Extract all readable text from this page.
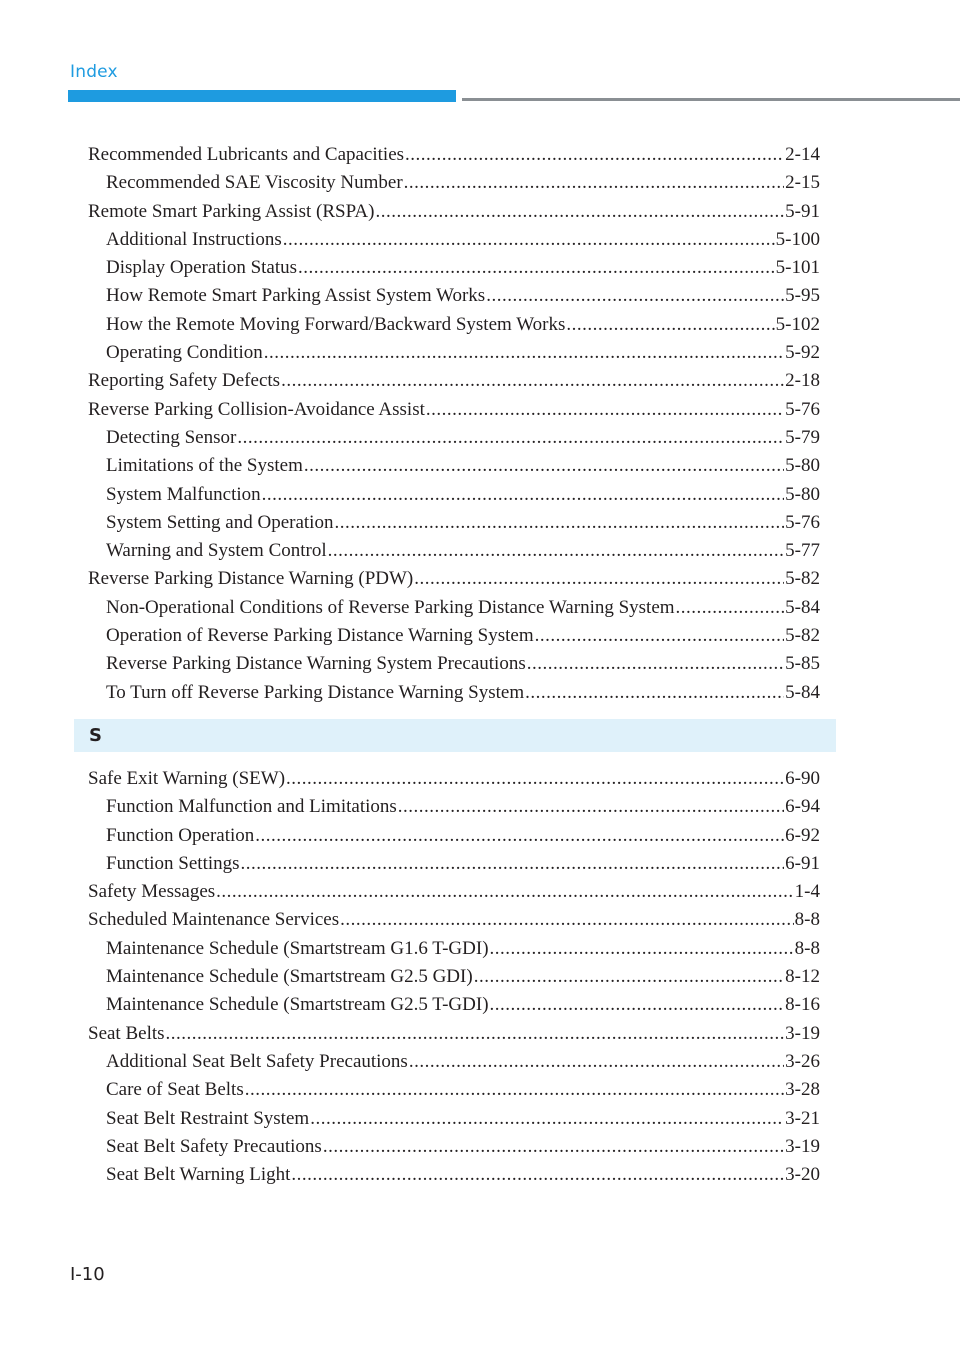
Index
Recommended Lubricants and Capacities .....	2-14
Recommended SAE Viscosity Number .....	2-15
Remote Smart Parking Assist (RSPA) .....	5-91
Additional Instructions .....	5-100
Display Operation Status .....	5-101
How Remote Smart Parking Assist System Works .....	5-95
How the Remote Moving Forward/Backward System Works .....	5-102
Operating Condition .....	5-92
Reporting Safety Defects .....	2-18
Reverse Parking Collision-Avoidance Assist .....	5-76
Detecting Sensor .....	5-79
Limitations of the System .....	5-80
System Malfunction .....	5-80
System Setting and Operation .....	5-76
Warning and System Control .....	5-77
Reverse Parking Distance Warning (PDW) .....	5-82
Non-Operational Conditions of Reverse Parking Distance Warning System .....	5-84
Operation of Reverse Parking Distance Warning System .....	5-82
Reverse Parking Distance Warning System Precautions .....	5-85
To Turn off Reverse Parking Distance Warning System .....	5-84
S
Safe Exit Warning (SEW) .....	6-90
Function Malfunction and Limitations .....	6-94
Function Operation .....	6-92
Function Settings .....	6-91
Safety Messages .....	1-4
Scheduled Maintenance Services .....	8-8
Maintenance Schedule (Smartstream G1.6 T-GDI) .....	8-8
Maintenance Schedule (Smartstream G2.5 GDI) .....	8-12
Maintenance Schedule (Smartstream G2.5 T-GDI) .....	8-16
Seat Belts .....	3-19
Additional Seat Belt Safety Precautions .....	3-26
Care of Seat Belts .....	3-28
Seat Belt Restraint System .....	3-21
Seat Belt Safety Precautions .....	3-19
Seat Belt Warning Light .....	3-20
I-10
